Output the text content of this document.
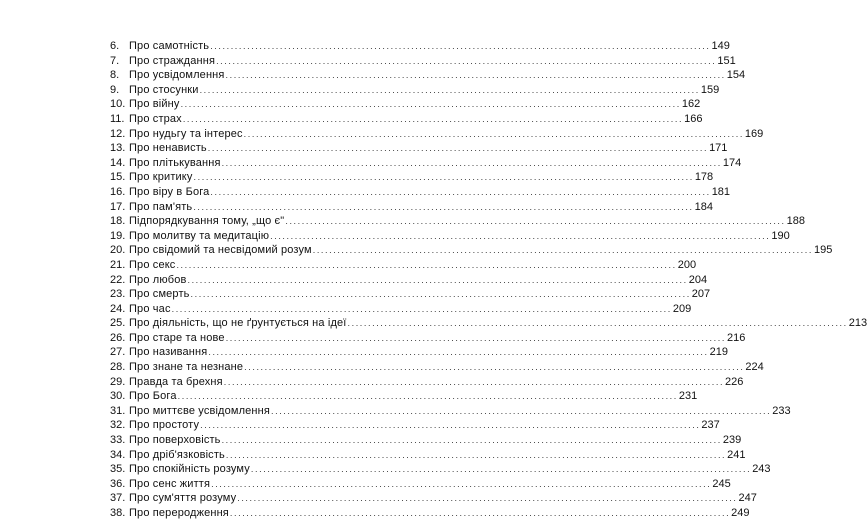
6. Про самотність .....	149
7. Про страждання .....	151
8. Про усвідомлення .....	154
9. Про стосунки .....	159
10. Про війну .....	162
11. Про страх .....	166
12. Про нудьгу та інтерес .....	169
13. Про ненависть .....	171
14. Про плітькування .....	174
15. Про критику .....	178
16. Про віру в Бога .....	181
17. Про пам'ять .....	184
18. Підпорядкування тому, „що є" .....	188
19. Про молитву та медитацію .....	190
20. Про свідомий та несвідомий розум .....	195
21. Про секс .....	200
22. Про любов .....	204
23. Про смерть .....	207
24. Про час .....	209
25. Про діяльність, що не ґрунтується на ідеї .....	213
26. Про старе та нове .....	216
27. Про називання .....	219
28. Про знане та незнане .....	224
29. Правда та брехня .....	226
30. Про Бога .....	231
31. Про миттєве усвідомлення .....	233
32. Про простоту .....	237
33. Про поверховість .....	239
34. Про дріб'язковість .....	241
35. Про спокійність розуму .....	243
36. Про сенс життя .....	245
37. Про сум'яття розуму .....	247
38. Про переродження .....	249
